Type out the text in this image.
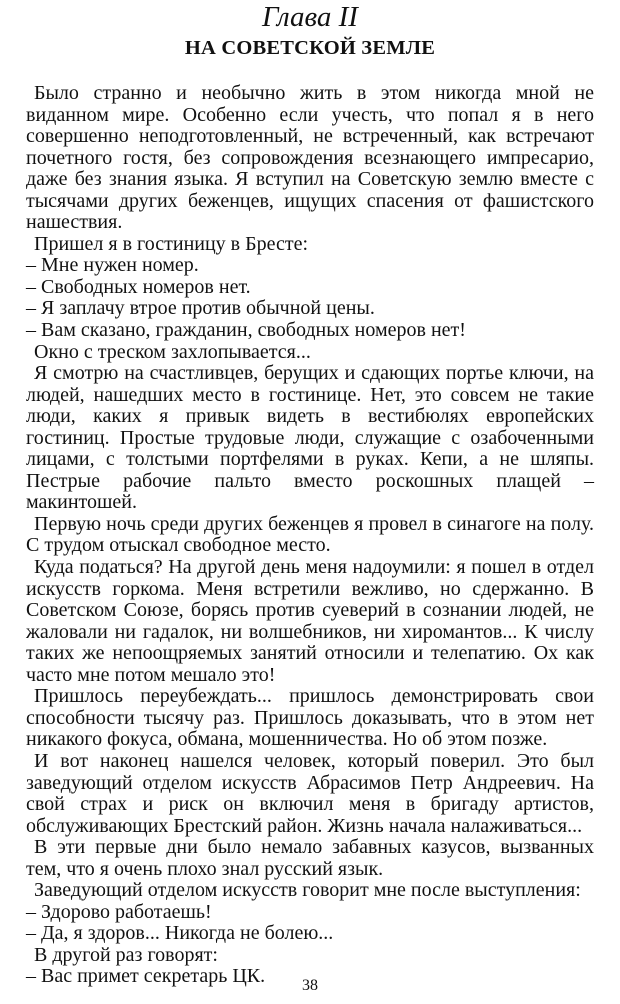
Глава II
НА СОВЕТСКОЙ ЗЕМЛЕ

Было странно и необычно жить в этом никогда мной не виданном мире. Особенно если учесть, что попал я в него совершенно неподготовленный, не встреченный, как встречают почетного гостя, без сопровождения всезнающего импресарио, даже без знания языка. Я вступил на Советскую землю вместе с тысячами других беженцев, ищущих спасения от фашистского нашествия.

Пришел я в гостиницу в Бресте:

– Мне нужен номер.

– Свободных номеров нет.

– Я заплачу втрое против обычной цены.

– Вам сказано, гражданин, свободных номеров нет!

Окно с треском захлопывается...

Я смотрю на счастливцев, берущих и сдающих портье ключи, на людей, нашедших место в гостинице. Нет, это совсем не такие люди, каких я привык видеть в вестибюлях европейских гостиниц. Простые трудовые люди, служащие с озабоченными лицами, с толстыми портфелями в руках. Кепи, а не шляпы. Пестрые рабочие пальто вместо роскошных плащей – макинтошей.

Первую ночь среди других беженцев я провел в синагоге на полу. С трудом отыскал свободное место.

Куда податься? На другой день меня надоумили: я пошел в отдел искусств горкома. Меня встретили вежливо, но сдержанно. В Советском Союзе, борясь против суеверий в сознании людей, не жаловали ни гадалок, ни волшебников, ни хиромантов... К числу таких же непоощряемых занятий относили и телепатию. Ох как часто мне потом мешало это!

Пришлось переубеждать... пришлось демонстрировать свои способности тысячу раз. Пришлось доказывать, что в этом нет никакого фокуса, обмана, мошенничества. Но об этом позже.

И вот наконец нашелся человек, который поверил. Это был заведующий отделом искусств Абрасимов Петр Андреевич. На свой страх и риск он включил меня в бригаду артистов, обслуживающих Брестский район. Жизнь начала налаживаться...

В эти первые дни было немало забавных казусов, вызванных тем, что я очень плохо знал русский язык.

Заведующий отделом искусств говорит мне после выступления:

– Здорово работаешь!

– Да, я здоров... Никогда не болею...

В другой раз говорят:

– Вас примет секретарь ЦК.	38
